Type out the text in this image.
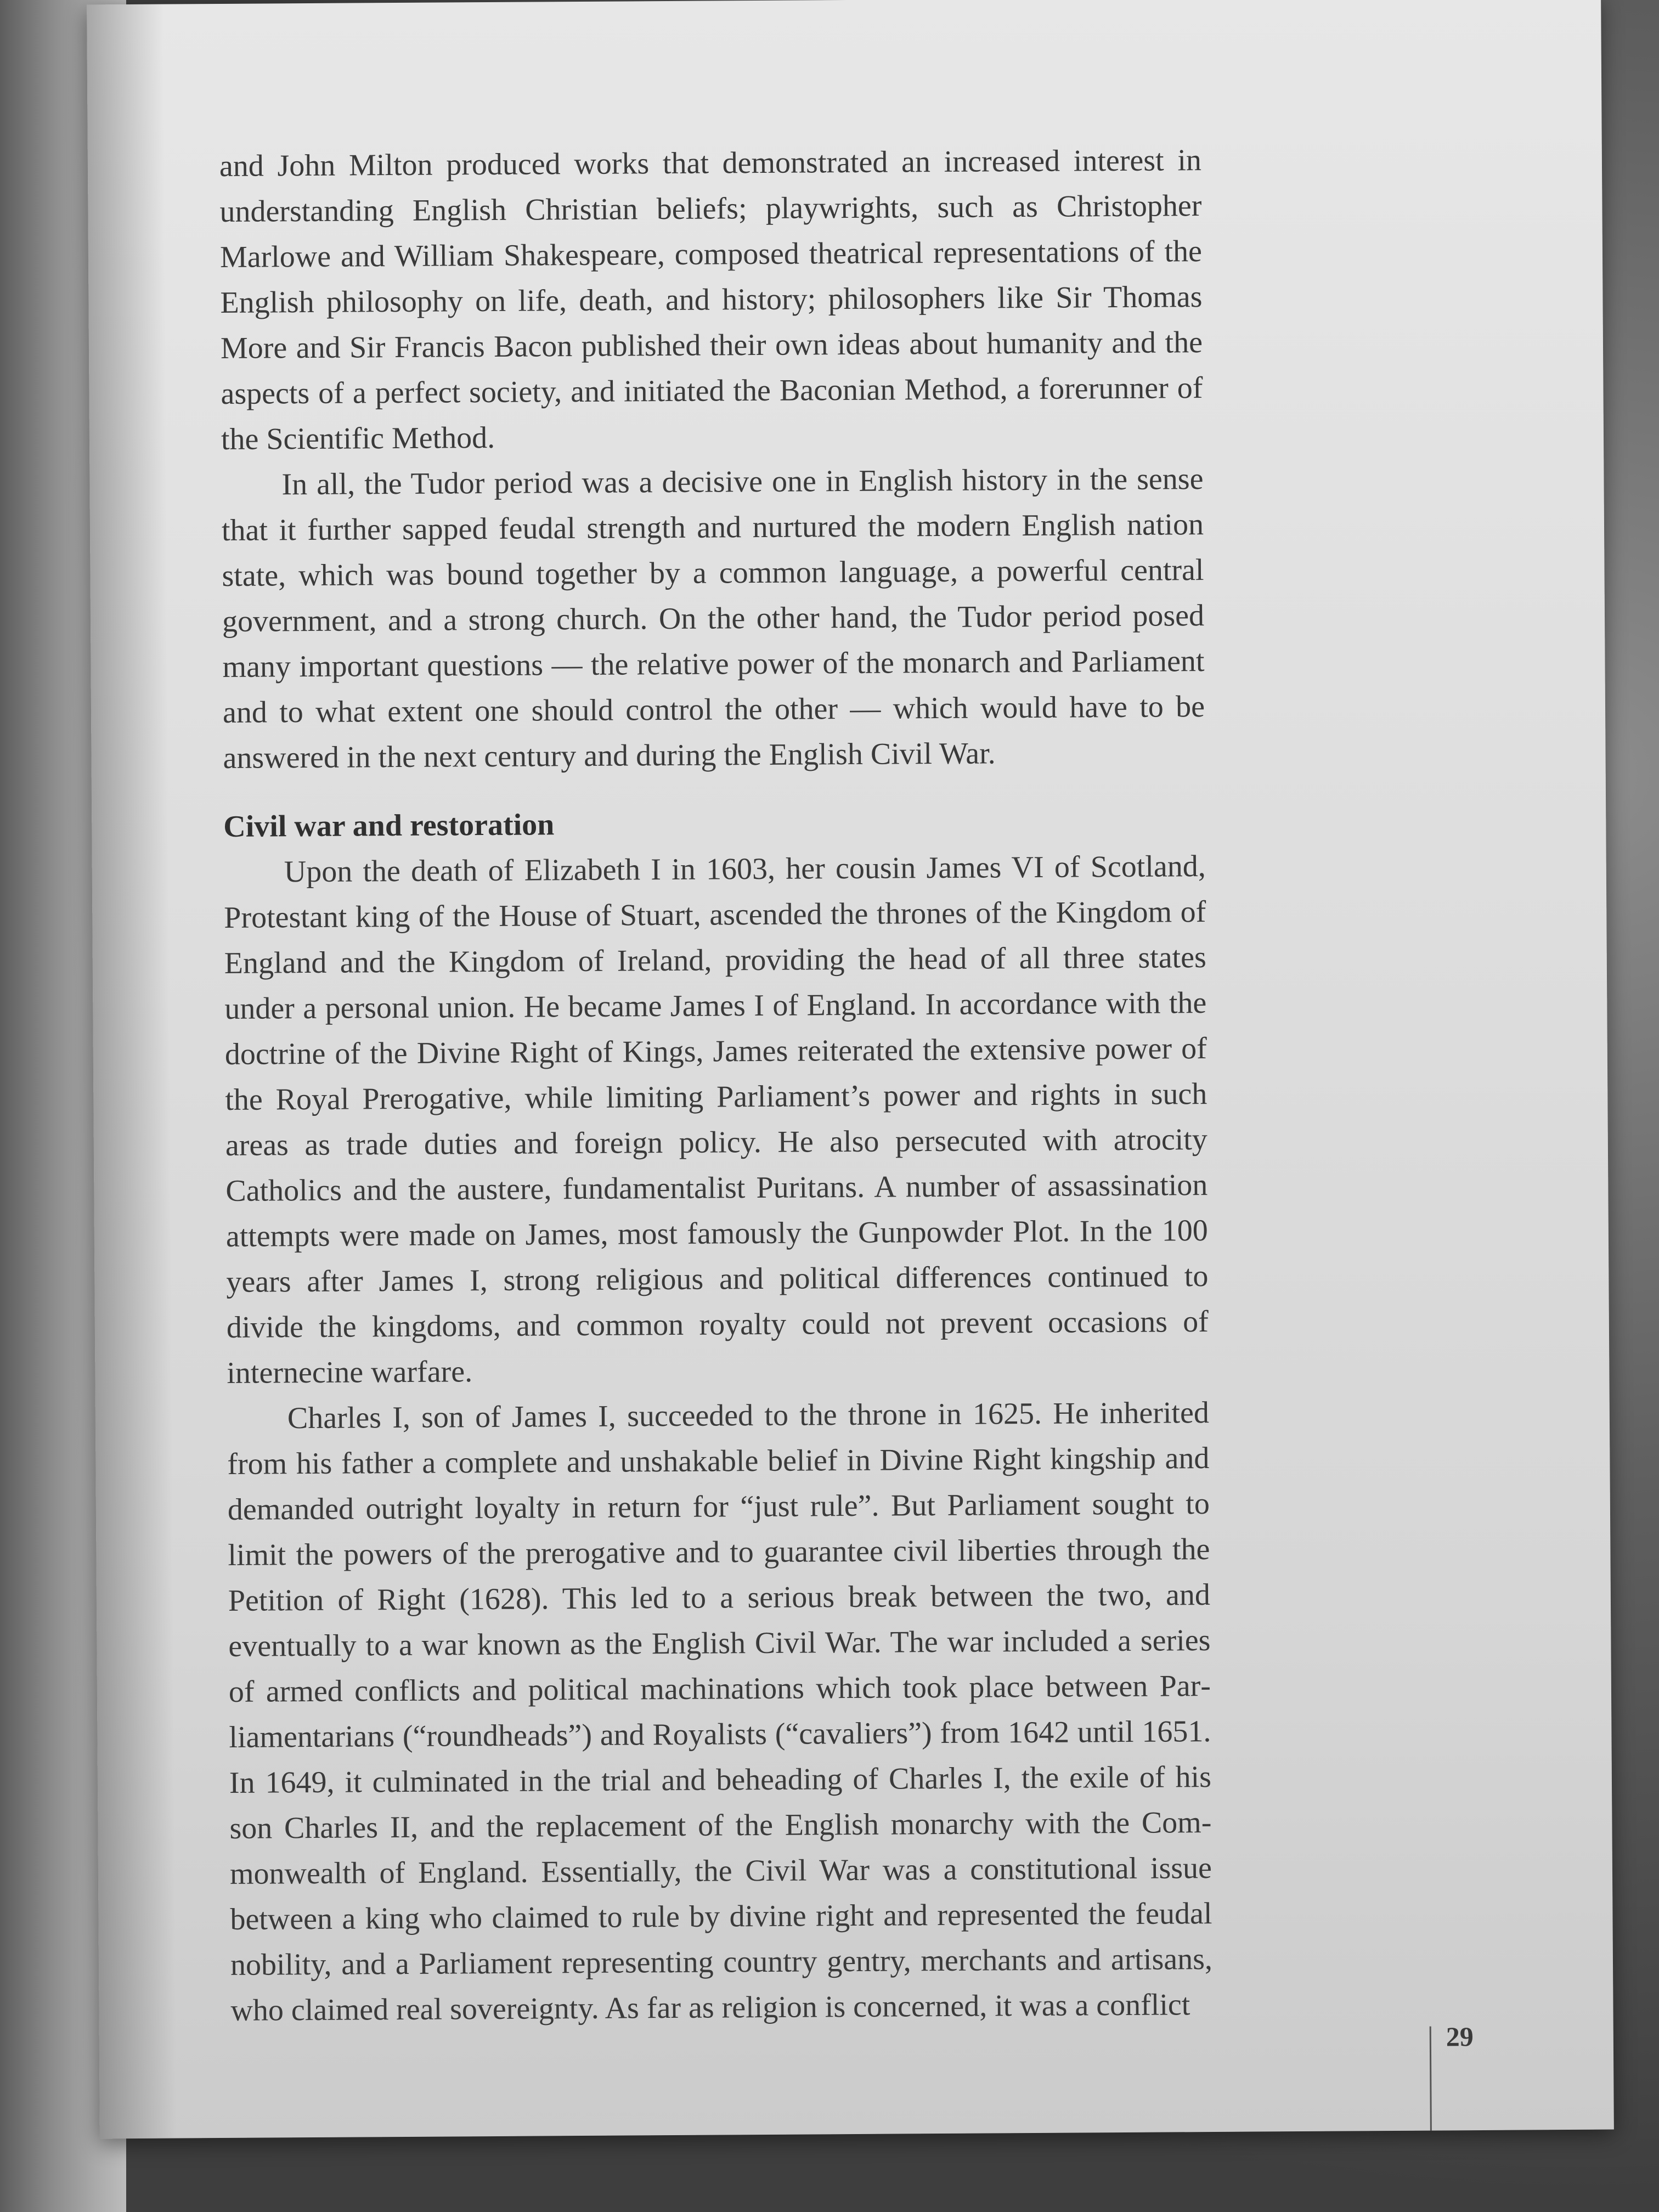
and John Milton produced works that demonstrated an increased interest in understanding English Christian beliefs; playwrights, such as Christopher Marlowe and William Shakespeare, composed theatrical representations of the English philosophy on life, death, and history; philosophers like Sir Thomas More and Sir Francis Bacon published their own ideas about humanity and the aspects of a perfect society, and initiated the Baconian Method, a forerunner of the Scientific Method.

In all, the Tudor period was a decisive one in English history in the sense that it further sapped feudal strength and nurtured the modern English nation state, which was bound together by a common language, a powerful central government, and a strong church. On the other hand, the Tudor period posed many important questions — the relative power of the monarch and Parliament and to what extent one should control the other — which would have to be answered in the next century and during the English Civil War.

Civil war and restoration

Upon the death of Elizabeth I in 1603, her cousin James VI of Scotland, Protestant king of the House of Stuart, ascended the thrones of the Kingdom of England and the Kingdom of Ireland, providing the head of all three states under a personal union. He became James I of England. In accordance with the doctrine of the Divine Right of Kings, James reiterated the extensive power of the Royal Prerogative, while limiting Parliament’s power and rights in such areas as trade duties and foreign policy. He also persecuted with atrocity Catholics and the austere, fundamentalist Puritans. A number of assassination attempts were made on James, most famously the Gunpowder Plot. In the 100 years after James I, strong religious and political differences continued to divide the kingdoms, and common royalty could not prevent occasions of internecine warfare.

Charles I, son of James I, succeeded to the throne in 1625. He inherited from his father a complete and unshakable belief in Divine Right kingship and demanded outright loyalty in return for “just rule”. But Parliament sought to limit the powers of the prerogative and to guarantee civil liberties through the Petition of Right (1628). This led to a serious break between the two, and eventually to a war known as the English Civil War. The war included a series of armed conflicts and political machinations which took place between Parliamentarians (“roundheads”) and Royalists (“cavaliers”) from 1642 until 1651. In 1649, it culminated in the trial and beheading of Charles I, the exile of his son Charles II, and the replacement of the English monarchy with the Commonwealth of England. Essentially, the Civil War was a constitutional issue between a king who claimed to rule by divine right and represented the feudal nobility, and a Parliament representing country gentry, merchants and artisans, who claimed real sovereignty. As far as religion is concerned, it was a conflict

29
